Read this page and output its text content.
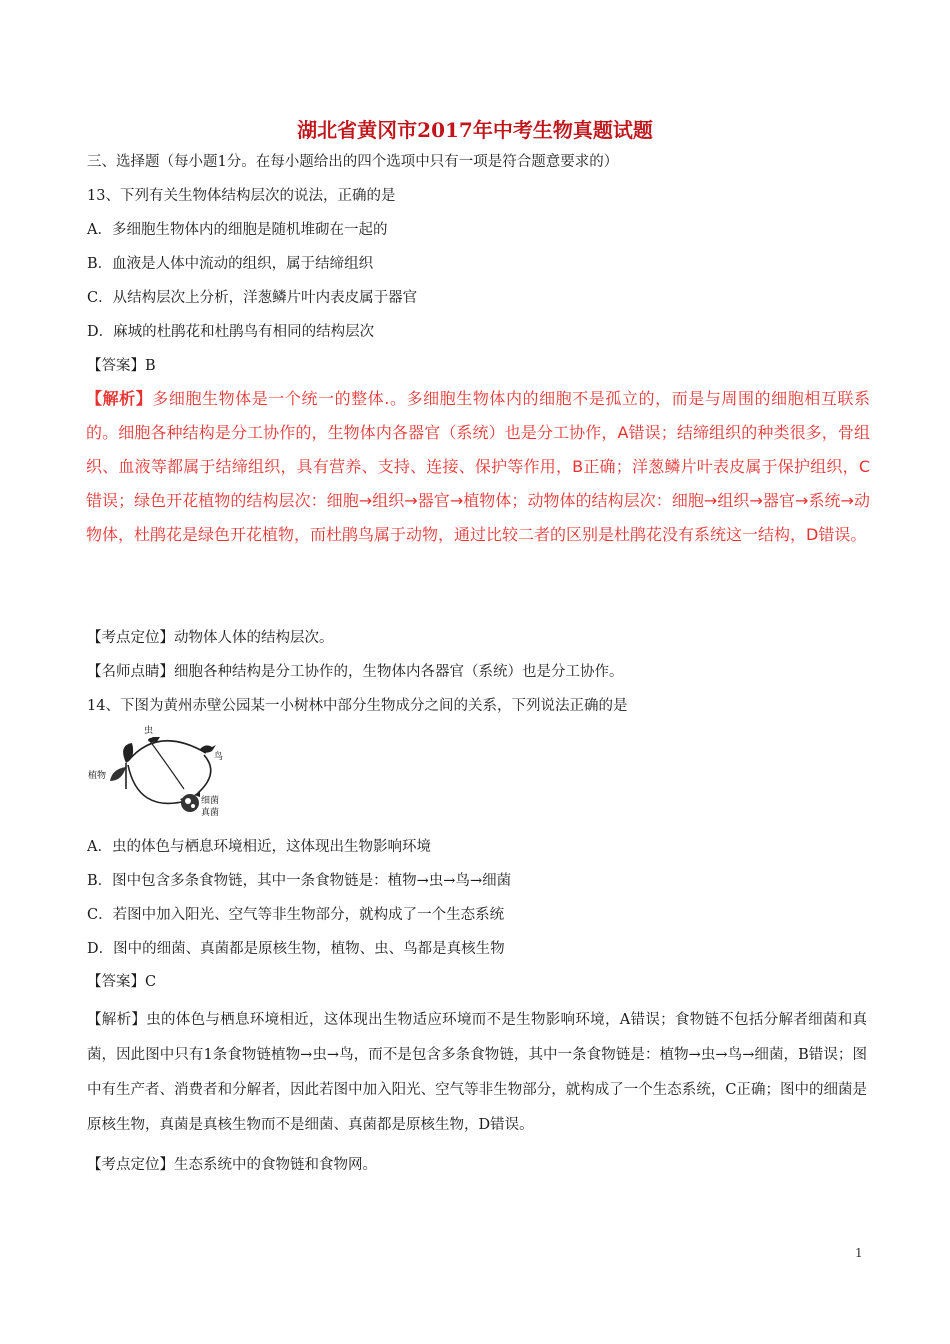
湖北省黄冈市2017年中考生物真题试题
三、选择题（每小题1分。在每小题给出的四个选项中只有一项是符合题意要求的）
13、下列有关生物体结构层次的说法，正确的是
A．多细胞生物体内的细胞是随机堆砌在一起的
B．血液是人体中流动的组织，属于结缔组织
C．从结构层次上分析，洋葱鳞片叶内表皮属于器官
D．麻城的杜鹃花和杜鹃鸟有相同的结构层次
【答案】B
【解析】多细胞生物体是一个统一的整体.。多细胞生物体内的细胞不是孤立的，而是与周围的细胞相互联系的。细胞各种结构是分工协作的，生物体内各器官（系统）也是分工协作，A错误；结缔组织的种类很多，骨组织、血液等都属于结缔组织，具有营养、支持、连接、保护等作用，B正确；洋葱鳞片叶表皮属于保护组织，C错误；绿色开花植物的结构层次：细胞→组织→器官→植物体；动物体的结构层次：细胞→组织→器官→系统→动物体，杜鹃花是绿色开花植物，而杜鹃鸟属于动物，通过比较二者的区别是杜鹃花没有系统这一结构，D错误。
【考点定位】动物体人体的结构层次。
【名师点睛】细胞各种结构是分工协作的，生物体内各器官（系统）也是分工协作。
14、下图为黄州赤壁公园某一小树林中部分生物成分之间的关系，下列说法正确的是
虫
鸟
植物
细菌
真菌
A．虫的体色与栖息环境相近，这体现出生物影响环境
B．图中包含多条食物链，其中一条食物链是：植物→虫→鸟→细菌
C．若图中加入阳光、空气等非生物部分，就构成了一个生态系统
D．图中的细菌、真菌都是原核生物，植物、虫、鸟都是真核生物
【答案】C
【解析】虫的体色与栖息环境相近，这体现出生物适应环境而不是生物影响环境，A错误；食物链不包括分解者细菌和真菌，因此图中只有1条食物链植物→虫→鸟，而不是包含多条食物链，其中一条食物链是：植物→虫→鸟→细菌，B错误；图中有生产者、消费者和分解者，因此若图中加入阳光、空气等非生物部分，就构成了一个生态系统，C正确；图中的细菌是原核生物，真菌是真核生物而不是细菌、真菌都是原核生物，D错误。
【考点定位】生态系统中的食物链和食物网。
1
